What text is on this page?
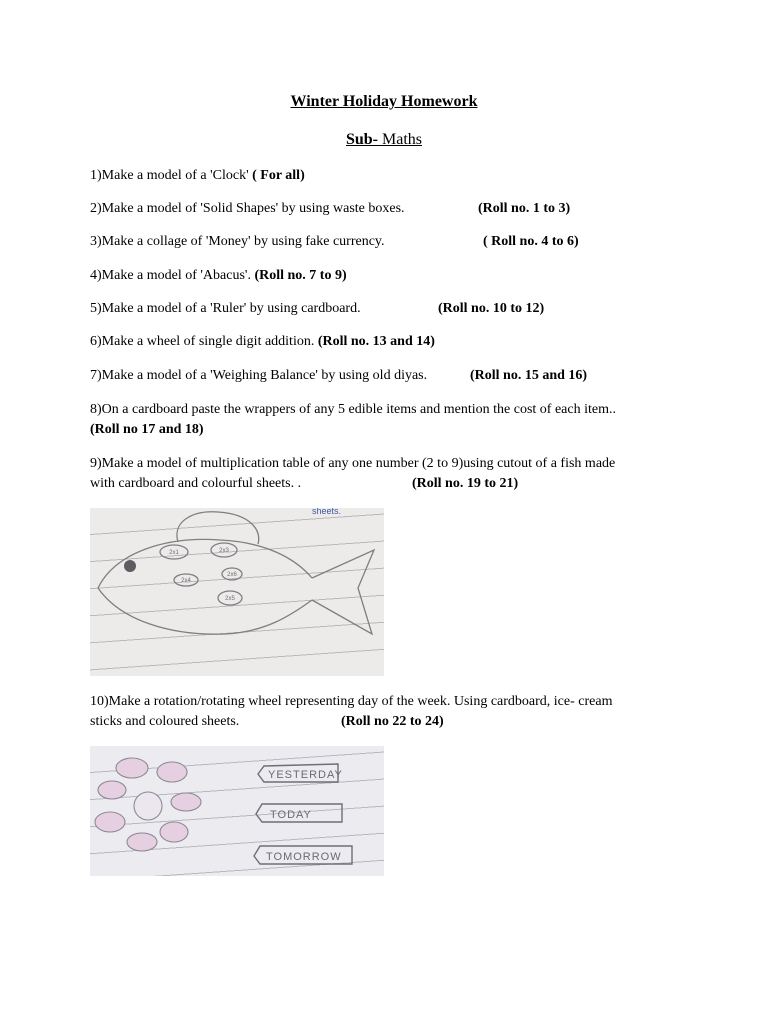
Winter Holiday Homework

Sub- Maths

1)Make a model of a 'Clock' ( For all)

2)Make a model of 'Solid Shapes' by using waste boxes.	(Roll no. 1 to 3)

3)Make a collage of 'Money' by using fake currency.	( Roll no. 4 to 6)

4)Make a model of 'Abacus'. (Roll no. 7 to 9)

5)Make a model of a 'Ruler' by using cardboard.	(Roll no. 10 to 12)

6)Make a wheel of single digit addition. (Roll no. 13 and 14)

7)Make a model of a 'Weighing Balance' by using old diyas.	(Roll no. 15 and 16)

8)On a cardboard paste the wrappers of any 5 edible items and mention the cost of each item..
(Roll no 17 and 18)

9)Make a model of multiplication table of any one number (2 to 9)using cutout of a fish made
with cardboard and colourful sheets. .	(Roll no. 19 to 21)

2x1	2x3
2x4
2x5
2x6
sheets.

10)Make a rotation/rotating wheel representing day of the week. Using cardboard, ice- cream
sticks and coloured sheets.	(Roll no 22 to 24)

YESTERDAY
TODAY
TOMORROW
